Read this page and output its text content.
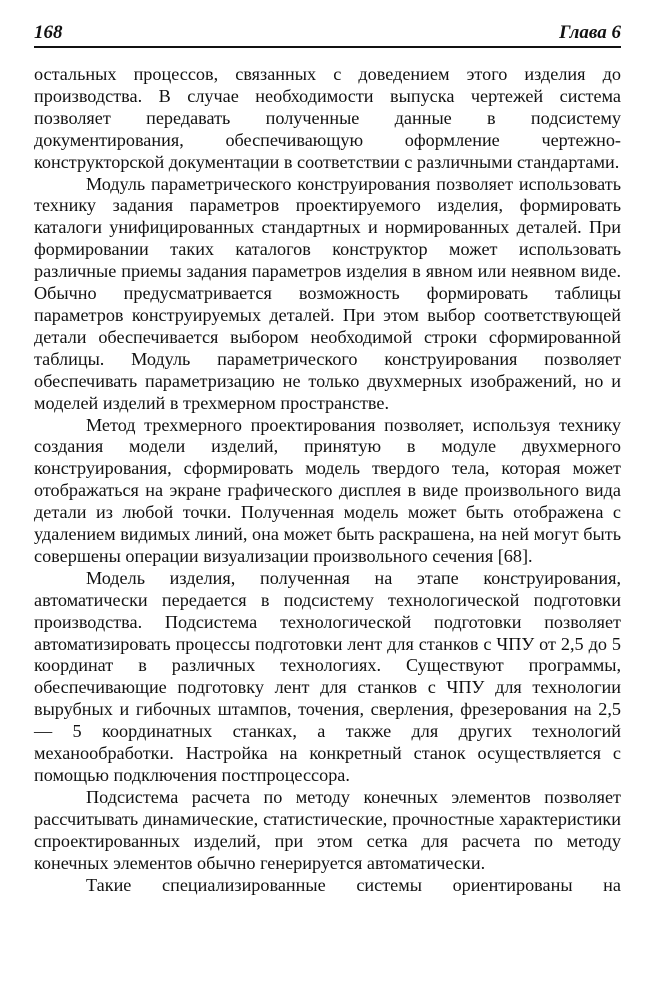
168	Глава 6

остальных процессов, связанных с доведением этого изделия до производства. В случае необходимости выпуска чертежей система позволяет передавать полученные данные в подсистему документирования, обеспечивающую оформление чертежно-конструкторской документации в соответствии с различными стандартами.

Модуль параметрического конструирования позволяет использовать технику задания параметров проектируемого изделия, формировать каталоги унифицированных стандартных и нормированных деталей. При формировании таких каталогов конструктор может использовать различные приемы задания параметров изделия в явном или неявном виде. Обычно предусматривается возможность формировать таблицы параметров конструируемых деталей. При этом выбор соответствующей детали обеспечивается выбором необходимой строки сформированной таблицы. Модуль параметрического конструирования позволяет обеспечивать параметризацию не только двухмерных изображений, но и моделей изделий в трехмерном пространстве.

Метод трехмерного проектирования позволяет, используя технику создания модели изделий, принятую в модуле двухмерного конструирования, сформировать модель твердого тела, которая может отображаться на экране графического дисплея в виде произвольного вида детали из любой точки. Полученная модель может быть отображена с удалением видимых линий, она может быть раскрашена, на ней могут быть совершены операции визуализации произвольного сечения [68].

Модель изделия, полученная на этапе конструирования, автоматически передается в подсистему технологической подготовки производства. Подсистема технологической подготовки позволяет автоматизировать процессы подготовки лент для станков с ЧПУ от 2,5 до 5 координат в различных технологиях. Существуют программы, обеспечивающие подготовку лент для станков с ЧПУ для технологии вырубных и гибочных штампов, точения, сверления, фрезерования на 2,5 — 5 координатных станках, а также для других технологий механообработки. Настройка на конкретный станок осуществляется с помощью подключения постпроцессора.

Подсистема расчета по методу конечных элементов позволяет рассчитывать динамические, статистические, прочностные характеристики спроектированных изделий, при этом сетка для расчета по методу конечных элементов обычно генерируется автоматически.

Такие специализированные системы ориентированы на
